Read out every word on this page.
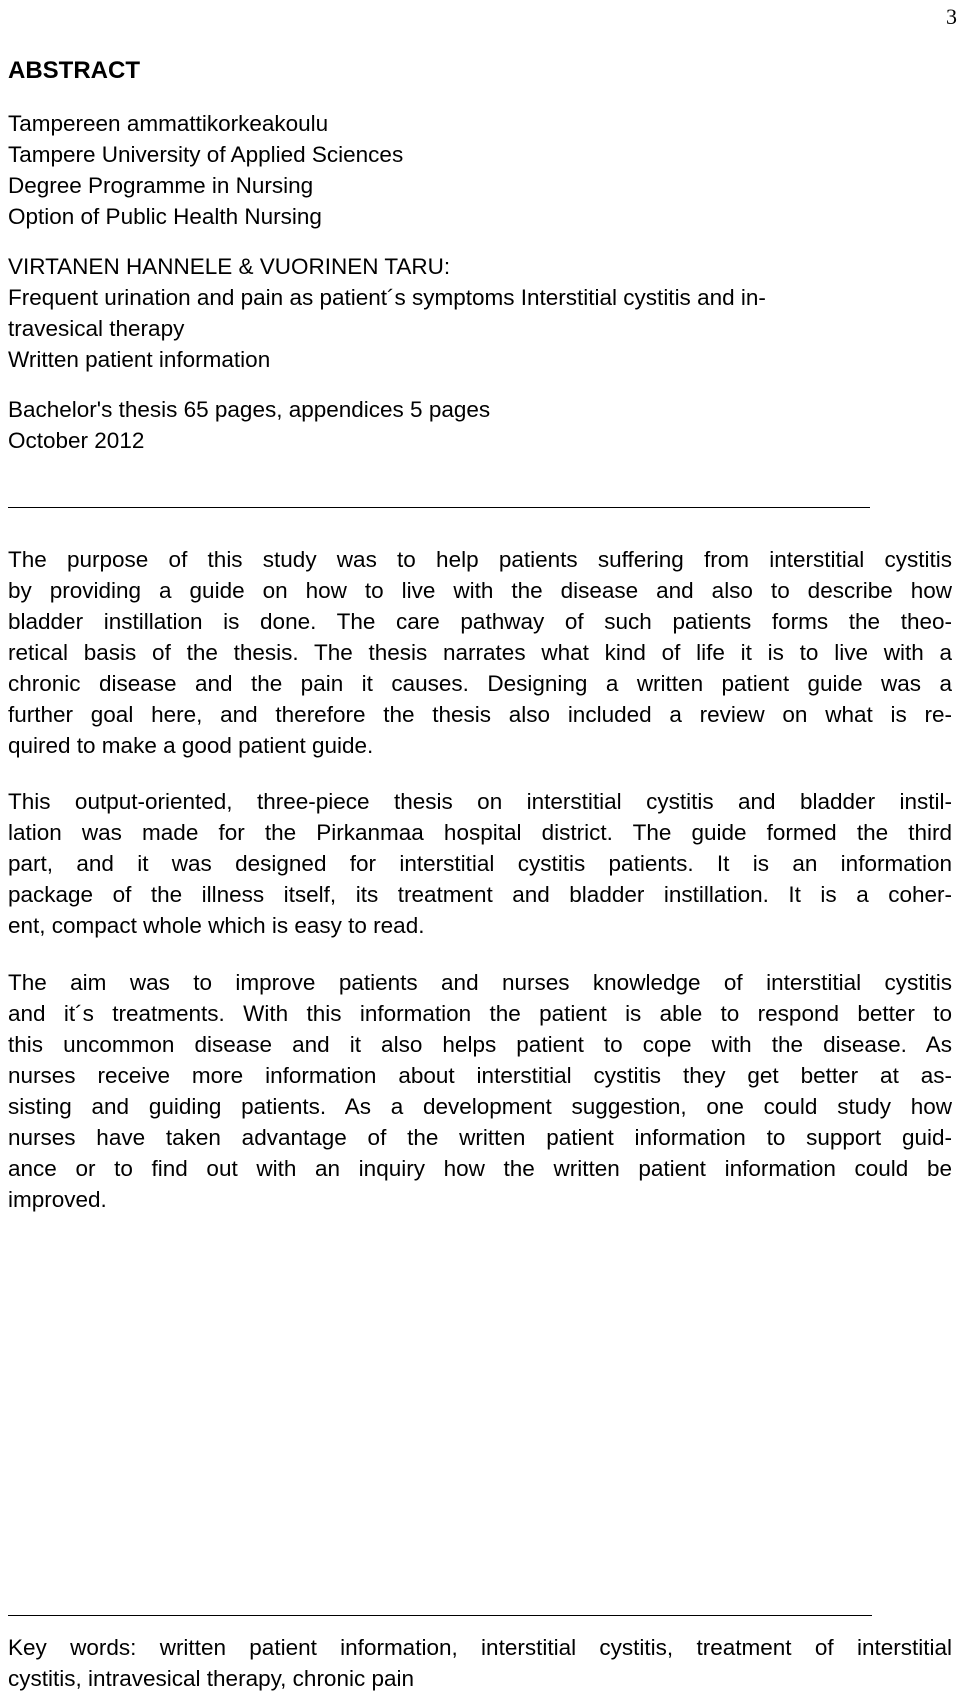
3
ABSTRACT
Tampereen ammattikorkeakoulu
Tampere University of Applied Sciences
Degree Programme in Nursing
Option of Public Health Nursing
VIRTANEN HANNELE & VUORINEN TARU:
Frequent urination and pain as patient´s symptoms Interstitial cystitis and in-
travesical therapy
Written patient information
Bachelor's thesis 65 pages, appendices 5 pages
October 2012
The purpose of this study was to help patients suffering from interstitial cystitis
by providing a guide on how to live with the disease and also to describe how
bladder instillation is done. The care pathway of such patients forms the theo-
retical basis of the thesis. The thesis narrates what kind of life it is to live with a
chronic disease and the pain it causes. Designing a written patient guide was a
further goal here, and therefore the thesis also included a review on what is re-
quired to make a good patient guide.
This output-oriented, three-piece thesis on interstitial cystitis and bladder instil-
lation was made for the Pirkanmaa hospital district. The guide formed the third
part, and it was designed for interstitial cystitis patients. It is an information
package of the illness itself, its treatment and bladder instillation. It is a coher-
ent, compact whole which is easy to read.
The aim was to improve patients and nurses knowledge of interstitial cystitis
and it´s treatments. With this information the patient is able to respond better to
this uncommon disease and it also helps patient to cope with the disease. As
nurses receive more information about interstitial cystitis they get better at as-
sisting and guiding patients. As a development suggestion, one could study how
nurses have taken advantage of the written patient information to support guid-
ance or to find out with an inquiry how the written patient information could be
improved.
Key words: written patient information, interstitial cystitis, treatment of interstitial
cystitis, intravesical therapy, chronic pain
